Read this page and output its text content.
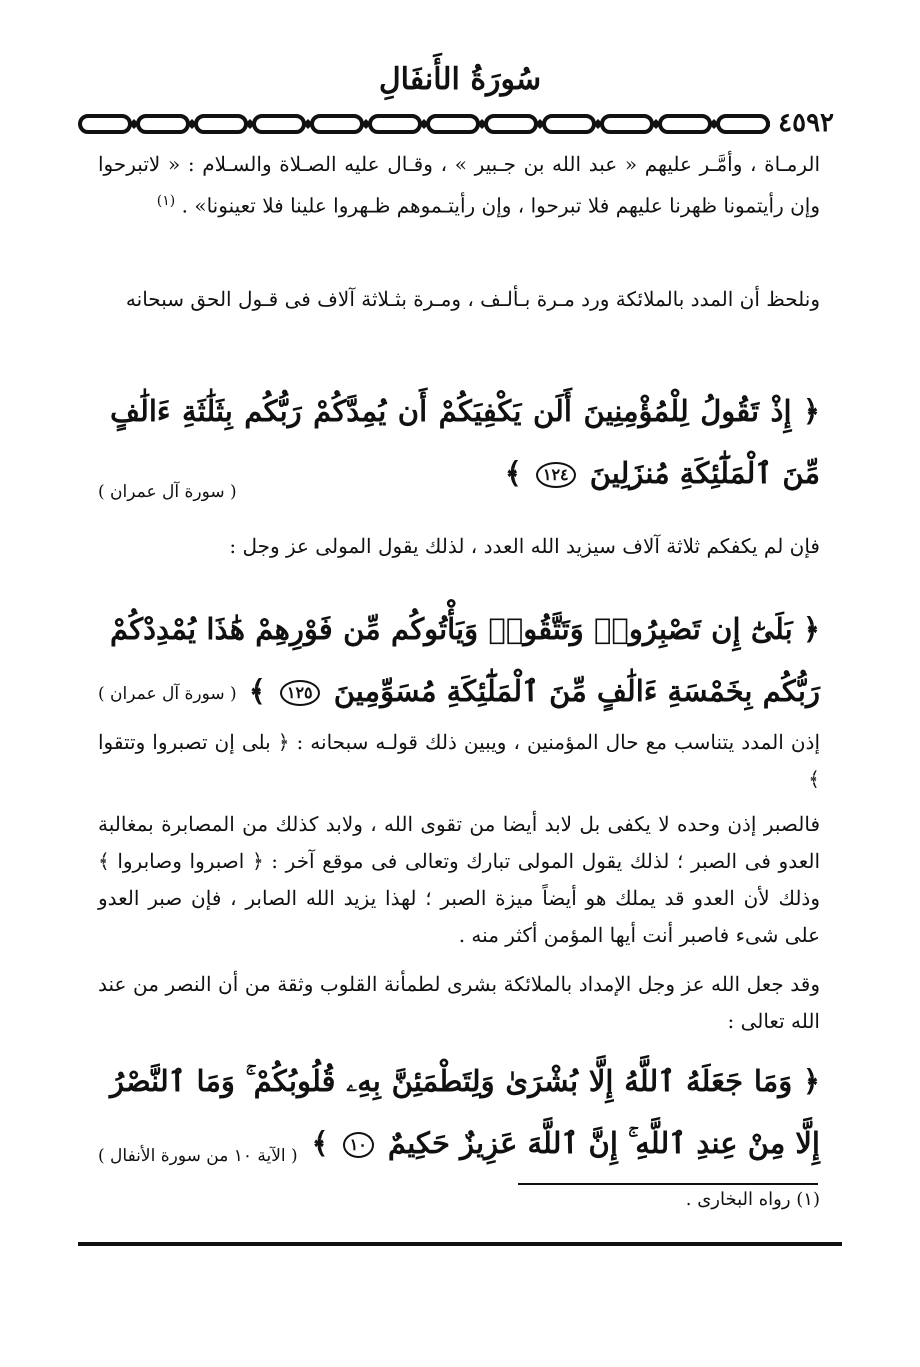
سُورَةُ الأَنفَالِ
٤٥٩٢
الرمـاة ، وأمَّـر عليهم « عبد الله بن جـبير » ، وقـال عليه الصـلاة والسـلام : « لاتبرحوا وإن رأيتمونا ظهرنا عليهم فلا تبرحوا ، وإن رأيتـموهم ظـهروا علينا فلا تعينونا» . $^{(١)}$
ونلحظ أن المدد بالملائكة ورد مـرة بـألـف ، ومـرة بثـلاثة آلاف فى قـول الحق سبحانه
﴿ إِذْ تَقُولُ لِلْمُؤْمِنِينَ أَلَن يَكْفِيَكُمْ أَن يُمِدَّكُمْ رَبُّكُم بِثَلَٰثَةِ ءَالَٰفٍ مِّنَ ٱلْمَلَٰٓئِكَةِ مُنزَلِينَ ١٢٤ ﴾
( سورة آل عمران )
فإن لم يكفكم ثلاثة آلاف سيزيد الله العدد ، لذلك يقول المولى عز وجل :
﴿ بَلَىٰٓ إِن تَصْبِرُوا۟ وَتَتَّقُوا۟ وَيَأْتُوكُم مِّن فَوْرِهِمْ هَٰذَا يُمْدِدْكُمْ رَبُّكُم بِخَمْسَةِ ءَالَٰفٍ مِّنَ ٱلْمَلَٰٓئِكَةِ مُسَوِّمِينَ ١٢٥ ﴾
( سورة آل عمران )
إذن المدد يتناسب مع حال المؤمنين ، ويبين ذلك قولـه سبحانه : ﴿ بلى إن تصبروا وتتقوا ﴾
فالصبر إذن وحده لا يكفى بل لابد أيضا من تقوى الله ، ولابد كذلك من المصابرة بمغالبة العدو فى الصبر ؛ لذلك يقول المولى تبارك وتعالى فى موقع آخر : ﴿ اصبروا وصابروا ﴾ وذلك لأن العدو قد يملك هو أيضاً ميزة الصبر ؛ لهذا يزيد الله الصابر ، فإن صبر العدو على شىء فاصبر أنت أيها المؤمن أكثر منه .
وقد جعل الله عز وجل الإمداد بالملائكة بشرى لطمأنة القلوب وثقة من أن النصر من عند الله تعالى :
﴿ وَمَا جَعَلَهُ ٱللَّهُ إِلَّا بُشْرَىٰ وَلِتَطْمَئِنَّ بِهِۦ قُلُوبُكُمْ ۚ وَمَا ٱلنَّصْرُ إِلَّا مِنْ عِندِ ٱللَّهِ ۚ إِنَّ ٱللَّهَ عَزِيزٌ حَكِيمٌ ١٠ ﴾
( الآية ١٠ من سورة الأنفال )
(١) رواه البخارى .
